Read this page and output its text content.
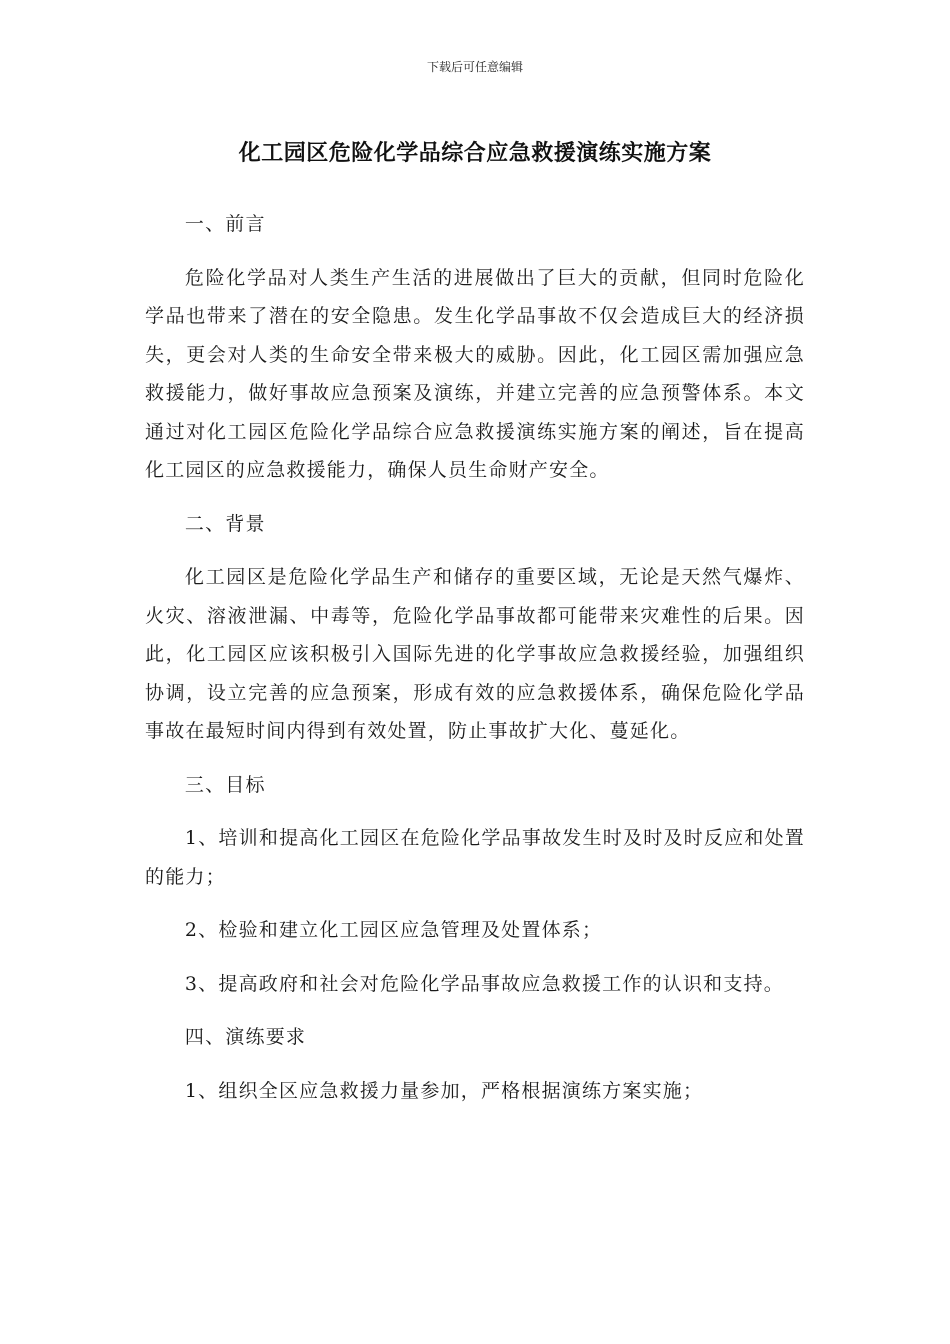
下载后可任意编辑
化工园区危险化学品综合应急救援演练实施方案

一、前言

危险化学品对人类生产生活的进展做出了巨大的贡献，但同时危险化学品也带来了潜在的安全隐患。发生化学品事故不仅会造成巨大的经济损失，更会对人类的生命安全带来极大的威胁。因此，化工园区需加强应急救援能力，做好事故应急预案及演练，并建立完善的应急预警体系。本文通过对化工园区危险化学品综合应急救援演练实施方案的阐述，旨在提高化工园区的应急救援能力，确保人员生命财产安全。

二、背景

化工园区是危险化学品生产和储存的重要区域，无论是天然气爆炸、火灾、溶液泄漏、中毒等，危险化学品事故都可能带来灾难性的后果。因此，化工园区应该积极引入国际先进的化学事故应急救援经验，加强组织协调，设立完善的应急预案，形成有效的应急救援体系，确保危险化学品事故在最短时间内得到有效处置，防止事故扩大化、蔓延化。

三、目标

1、培训和提高化工园区在危险化学品事故发生时及时及时反应和处置的能力；

2、检验和建立化工园区应急管理及处置体系；

3、提高政府和社会对危险化学品事故应急救援工作的认识和支持。

四、演练要求

1、组织全区应急救援力量参加，严格根据演练方案实施；
